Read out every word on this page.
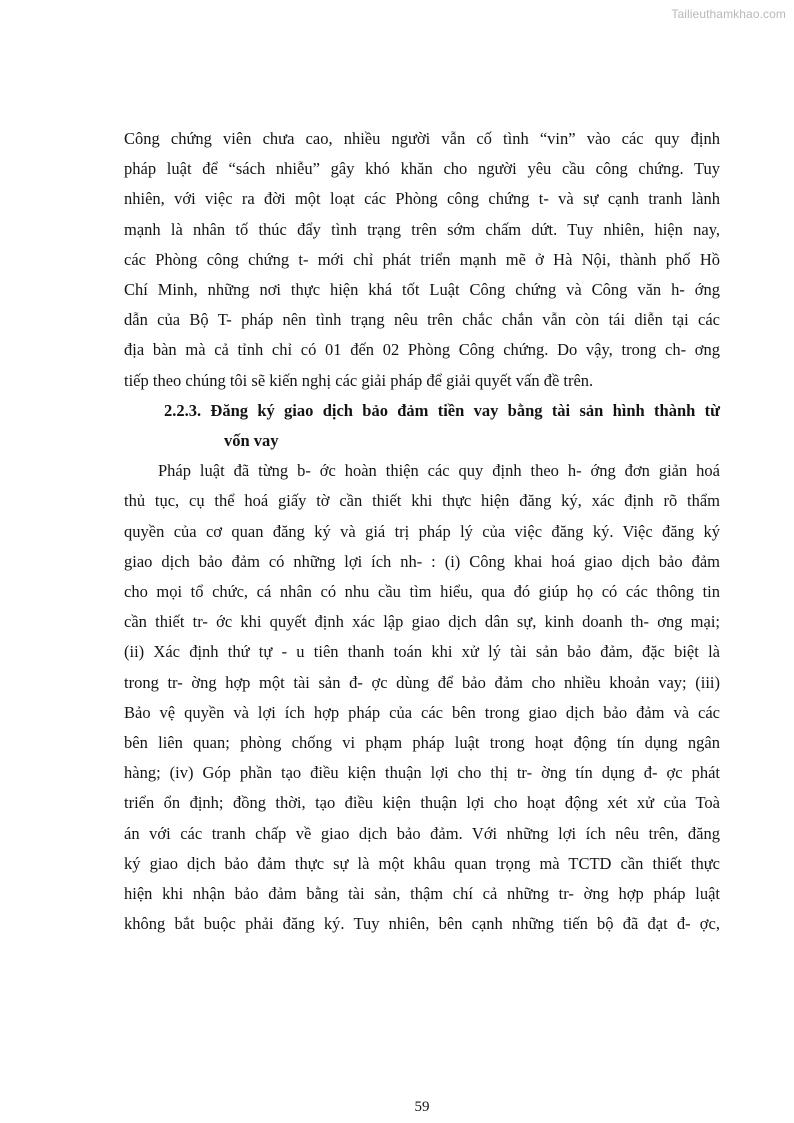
Tailieuthamkhao.com

Công chứng viên chưa cao, nhiều người vẫn cố tình “vin” vào các quy định
pháp luật để “sách nhiễu” gây khó khăn cho người yêu cầu công chứng. Tuy
nhiên, với việc ra đời một loạt các Phòng công chứng t- và sự cạnh tranh lành
mạnh là nhân tố thúc đẩy tình trạng trên sớm chấm dứt. Tuy nhiên, hiện nay,
các Phòng công chứng t- mới chỉ phát triển mạnh mẽ ở Hà Nội, thành phố Hồ
Chí Minh, những nơi thực hiện khá tốt Luật Công chứng và Công văn h- ớng
dẫn của Bộ T- pháp nên tình trạng nêu trên chắc chắn vẫn còn tái diễn tại các
địa bàn mà cả tỉnh chỉ có 01 đến 02 Phòng Công chứng. Do vậy, trong ch- ơng
tiếp theo chúng tôi sẽ kiến nghị các giải pháp để giải quyết vấn đề trên.

2.2.3. Đăng ký giao dịch bảo đảm tiền vay bằng tài sản hình thành từ
vốn vay

Pháp luật đã từng b- ớc hoàn thiện các quy định theo h- ớng đơn giản hoá
thủ tục, cụ thể hoá giấy tờ cần thiết khi thực hiện đăng ký, xác định rõ thẩm
quyền của cơ quan đăng ký và giá trị pháp lý của việc đăng ký. Việc đăng ký
giao dịch bảo đảm có những lợi ích nh- : (i) Công khai hoá giao dịch bảo đảm
cho mọi tổ chức, cá nhân có nhu cầu tìm hiểu, qua đó giúp họ có các thông tin
cần thiết tr- ớc khi quyết định xác lập giao dịch dân sự, kinh doanh th- ơng mại;
(ii) Xác định thứ tự - u tiên thanh toán khi xử lý tài sản bảo đảm, đặc biệt là
trong tr- ờng hợp một tài sản đ- ợc dùng để bảo đảm cho nhiều khoản vay; (iii)
Bảo vệ quyền và lợi ích hợp pháp của các bên trong giao dịch bảo đảm và các
bên liên quan; phòng chống vi phạm pháp luật trong hoạt động tín dụng ngân
hàng; (iv) Góp phần tạo điều kiện thuận lợi cho thị tr- ờng tín dụng đ- ợc phát
triển ổn định; đồng thời, tạo điều kiện thuận lợi cho hoạt động xét xử của Toà
án với các tranh chấp về giao dịch bảo đảm. Với những lợi ích nêu trên, đăng
ký giao dịch bảo đảm thực sự là một khâu quan trọng mà TCTD cần thiết thực
hiện khi nhận bảo đảm bằng tài sản, thậm chí cả những tr- ờng hợp pháp luật
không bắt buộc phải đăng ký. Tuy nhiên, bên cạnh những tiến bộ đã đạt đ- ợc,

59
